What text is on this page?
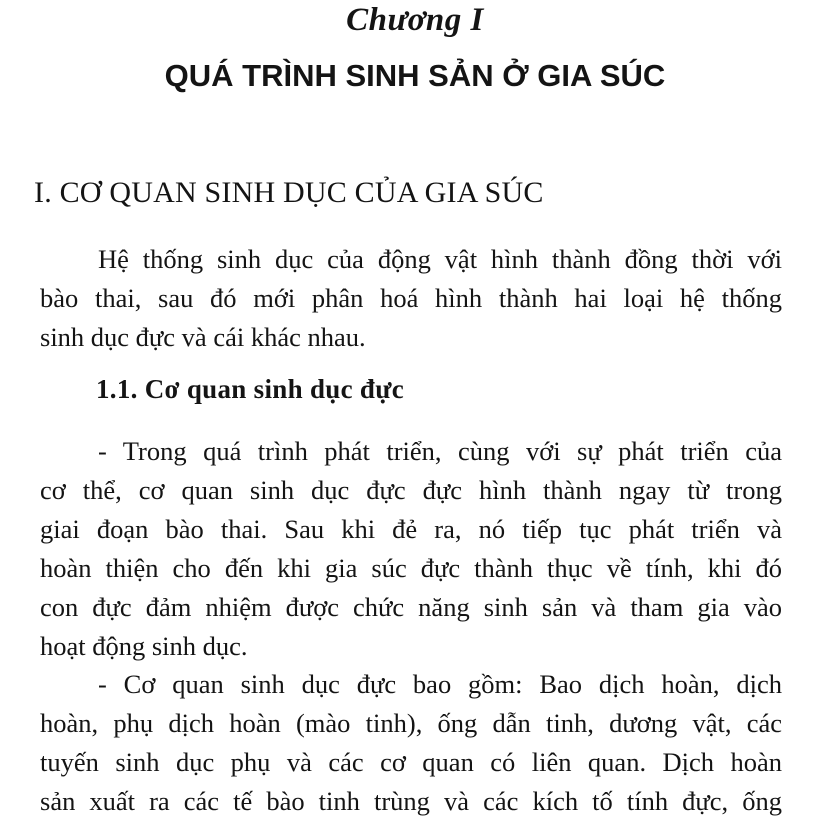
Chương I
QUÁ TRÌNH SINH SẢN Ở GIA SÚC
I. CƠ QUAN SINH DỤC CỦA GIA SÚC

Hệ thống sinh dục của động vật hình thành đồng thời với
bào thai, sau đó mới phân hoá hình thành hai loại hệ thống
sinh dục đực và cái khác nhau.

1.1. Cơ quan sinh dục đực

- Trong quá trình phát triển, cùng với sự phát triển của
cơ thể, cơ quan sinh dục đực đực hình thành ngay từ trong
giai đoạn bào thai. Sau khi đẻ ra, nó tiếp tục phát triển và
hoàn thiện cho đến khi gia súc đực thành thục về tính, khi đó
con đực đảm nhiệm được chức năng sinh sản và tham gia vào
hoạt động sinh dục.

- Cơ quan sinh dục đực bao gồm: Bao dịch hoàn, dịch
hoàn, phụ dịch hoàn (mào tinh), ống dẫn tinh, dương vật, các
tuyến sinh dục phụ và các cơ quan có liên quan. Dịch hoàn
sản xuất ra các tế bào tinh trùng và các kích tố tính đực, ống
